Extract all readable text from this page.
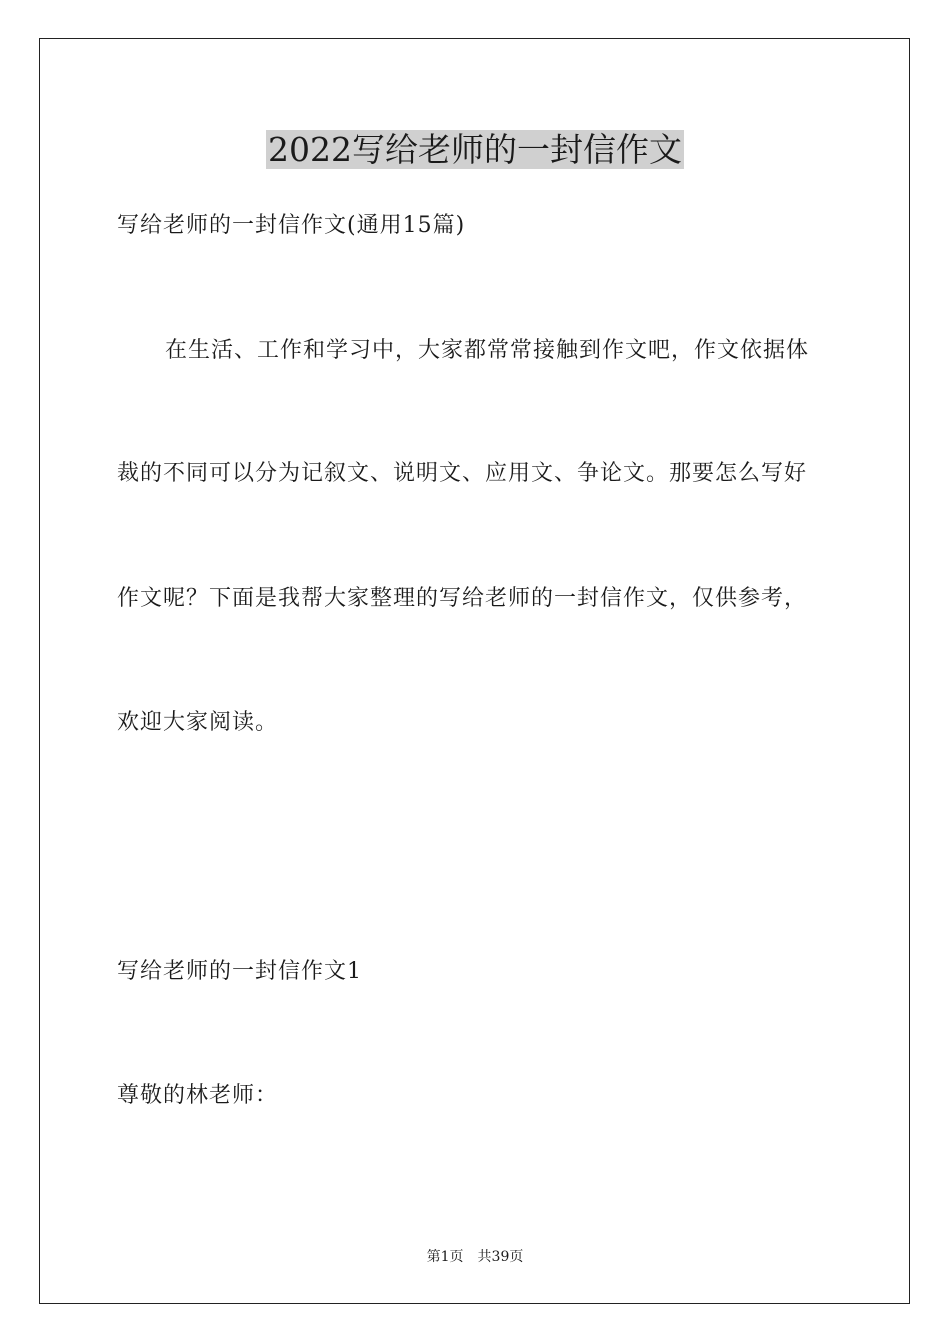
2022写给老师的一封信作文

写给老师的一封信作文(通用15篇)

在生活、工作和学习中，大家都常常接触到作文吧，作文依据体

裁的不同可以分为记叙文、说明文、应用文、争论文。那要怎么写好

作文呢？下面是我帮大家整理的写给老师的一封信作文，仅供参考，

欢迎大家阅读。

写给老师的一封信作文1

尊敬的林老师：

第1页 共39页
